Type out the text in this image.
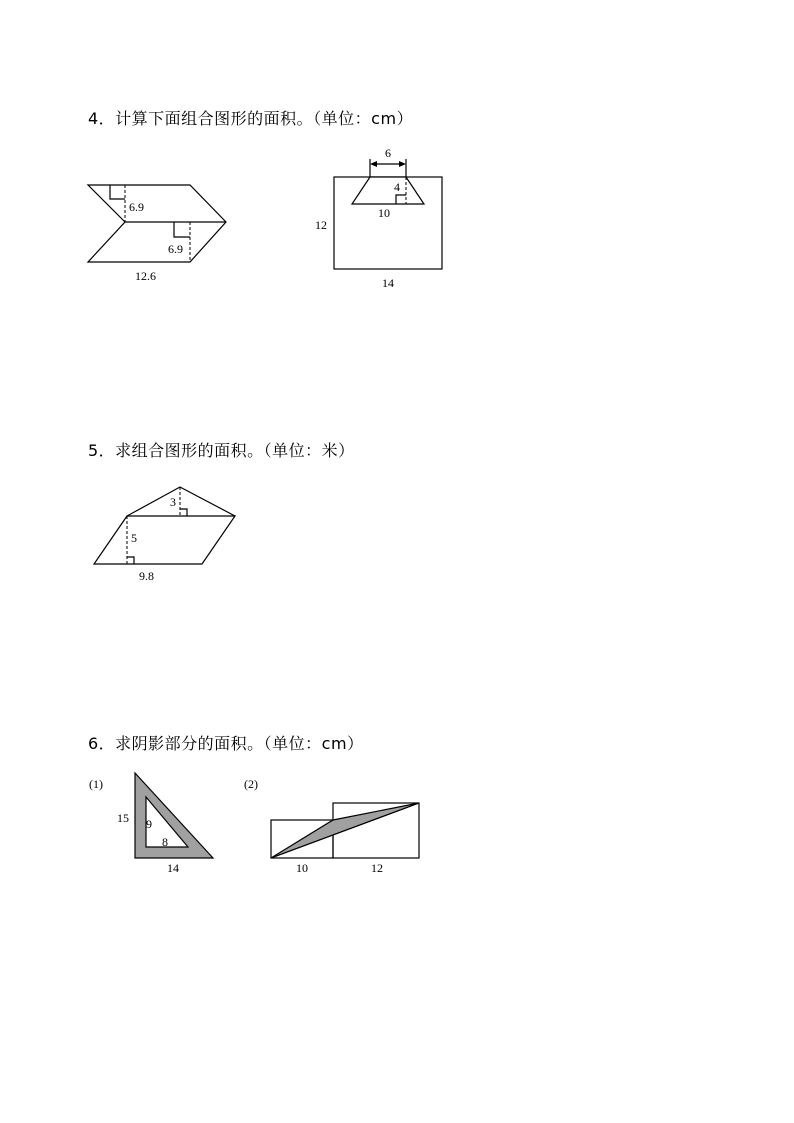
4．计算下面组合图形的面积。（单位：cm）
5．求组合图形的面积。（单位：米）
6．求阴影部分的面积。（单位：cm）
6.9
6.9
12.6
6
4
10
12
14
3
5
9.8
(1)
15 9
8
14
(2)
10	12
